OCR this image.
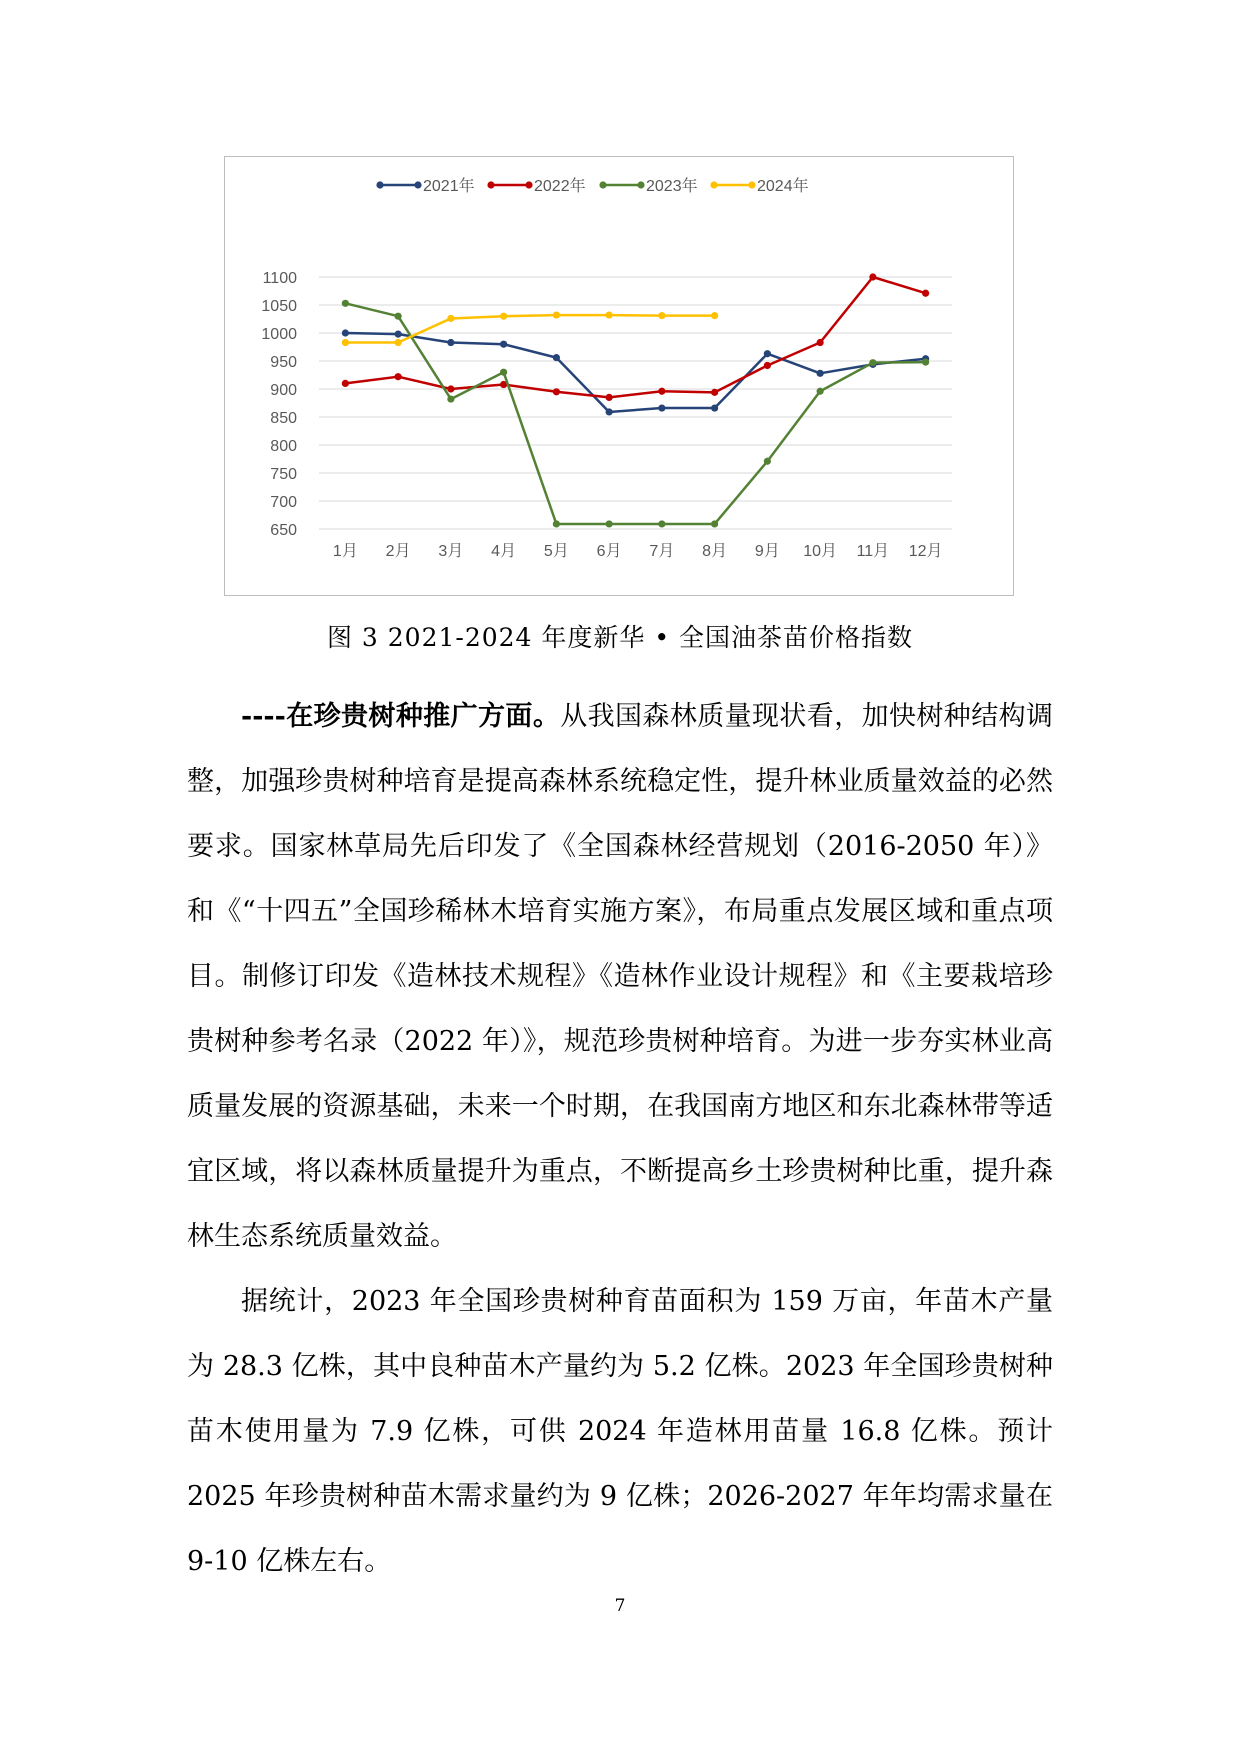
650
700
750
800
850
900
950
1000
1050
1100
1月 2月 3月 4月 5月 6月 7月 8月 9月 10月 11月 12月
2021年	2022年	2023年	2024年
图 3 2021-2024 年度新华 • 全国油茶苗价格指数

----在珍贵树种推广方面。从我国森林质量现状看，加快树种结构调整，加强珍贵树种培育是提高森林系统稳定性，提升林业质量效益的必然要求。国家林草局先后印发了《全国森林经营规划（2016-2050 年）》和《“十四五”全国珍稀林木培育实施方案》，布局重点发展区域和重点项目。制修订印发《造林技术规程》《造林作业设计规程》和《主要栽培珍贵树种参考名录（2022 年）》，规范珍贵树种培育。为进一步夯实林业高质量发展的资源基础，未来一个时期，在我国南方地区和东北森林带等适宜区域，将以森林质量提升为重点，不断提高乡土珍贵树种比重，提升森林生态系统质量效益。

据统计，2023 年全国珍贵树种育苗面积为 159 万亩，年苗木产量为 28.3 亿株，其中良种苗木产量约为 5.2 亿株。2023 年全国珍贵树种苗木使用量为 7.9 亿株，可供 2024 年造林用苗量 16.8 亿株。预计 2025 年珍贵树种苗木需求量约为 9 亿株；2026-2027 年年均需求量在 9-10 亿株左右。

7
